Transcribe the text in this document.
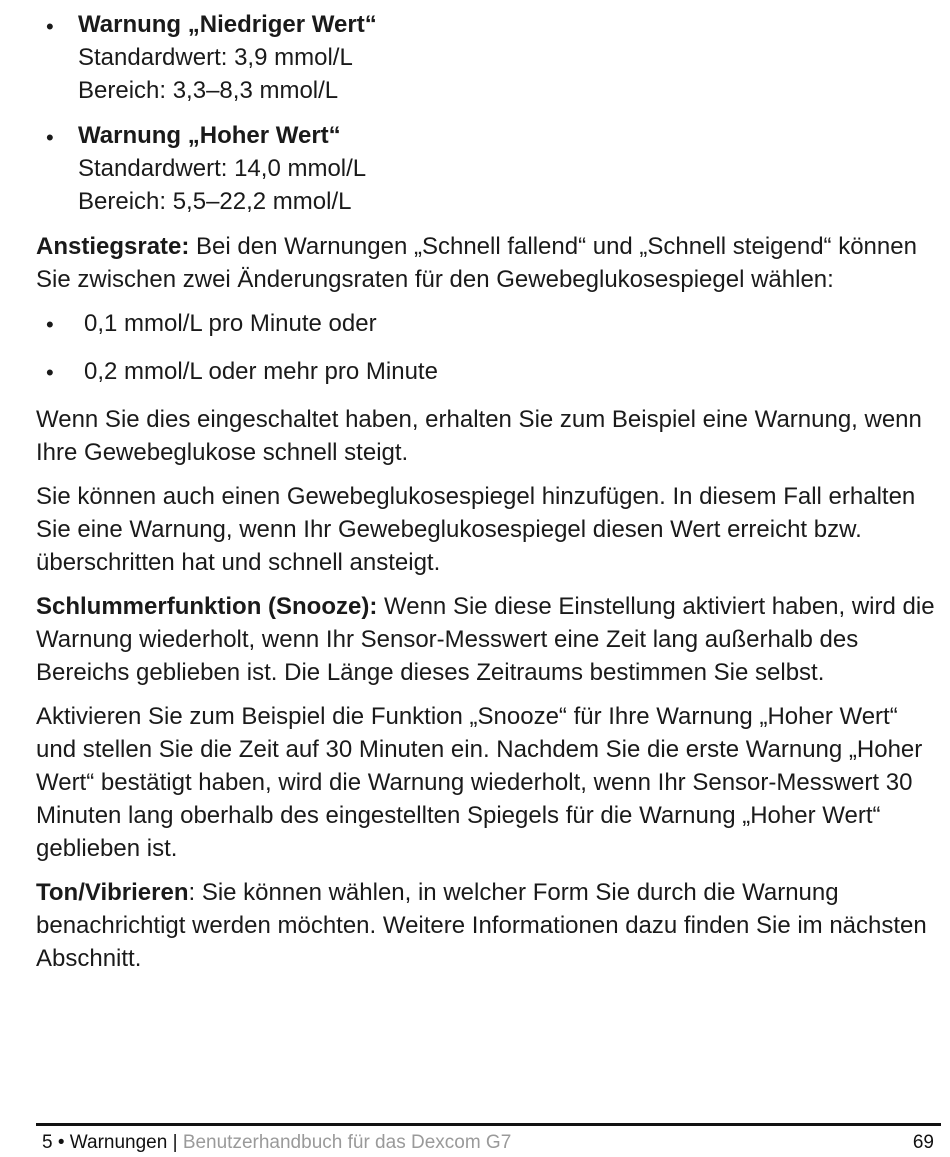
• Warnung „Niedriger Wert“
Standardwert: 3,9 mmol/L
Bereich: 3,3–8,3 mmol/L
• Warnung „Hoher Wert“
Standardwert: 14,0 mmol/L
Bereich: 5,5–22,2 mmol/L

Anstiegsrate: Bei den Warnungen „Schnell fallend“ und „Schnell steigend“ können Sie zwischen zwei Änderungsraten für den Gewebeglukosespiegel wählen:

• 0,1 mmol/L pro Minute oder
• 0,2 mmol/L oder mehr pro Minute

Wenn Sie dies eingeschaltet haben, erhalten Sie zum Beispiel eine Warnung, wenn Ihre Gewebeglukose schnell steigt.

Sie können auch einen Gewebeglukosespiegel hinzufügen. In diesem Fall erhalten Sie eine Warnung, wenn Ihr Gewebeglukosespiegel diesen Wert erreicht bzw. überschritten hat und schnell ansteigt.

Schlummerfunktion (Snooze): Wenn Sie diese Einstellung aktiviert haben, wird die Warnung wiederholt, wenn Ihr Sensor-Messwert eine Zeit lang außerhalb des Bereichs geblieben ist. Die Länge dieses Zeitraums bestimmen Sie selbst.

Aktivieren Sie zum Beispiel die Funktion „Snooze“ für Ihre Warnung „Hoher Wert“ und stellen Sie die Zeit auf 30 Minuten ein. Nachdem Sie die erste Warnung „Hoher Wert“ bestätigt haben, wird die Warnung wiederholt, wenn Ihr Sensor-Messwert 30 Minuten lang oberhalb des eingestellten Spiegels für die Warnung „Hoher Wert“ geblieben ist.

Ton/Vibrieren: Sie können wählen, in welcher Form Sie durch die Warnung benachrichtigt werden möchten. Weitere Informationen dazu finden Sie im nächsten Abschnitt.

5 • Warnungen | Benutzerhandbuch für das Dexcom G7	69
